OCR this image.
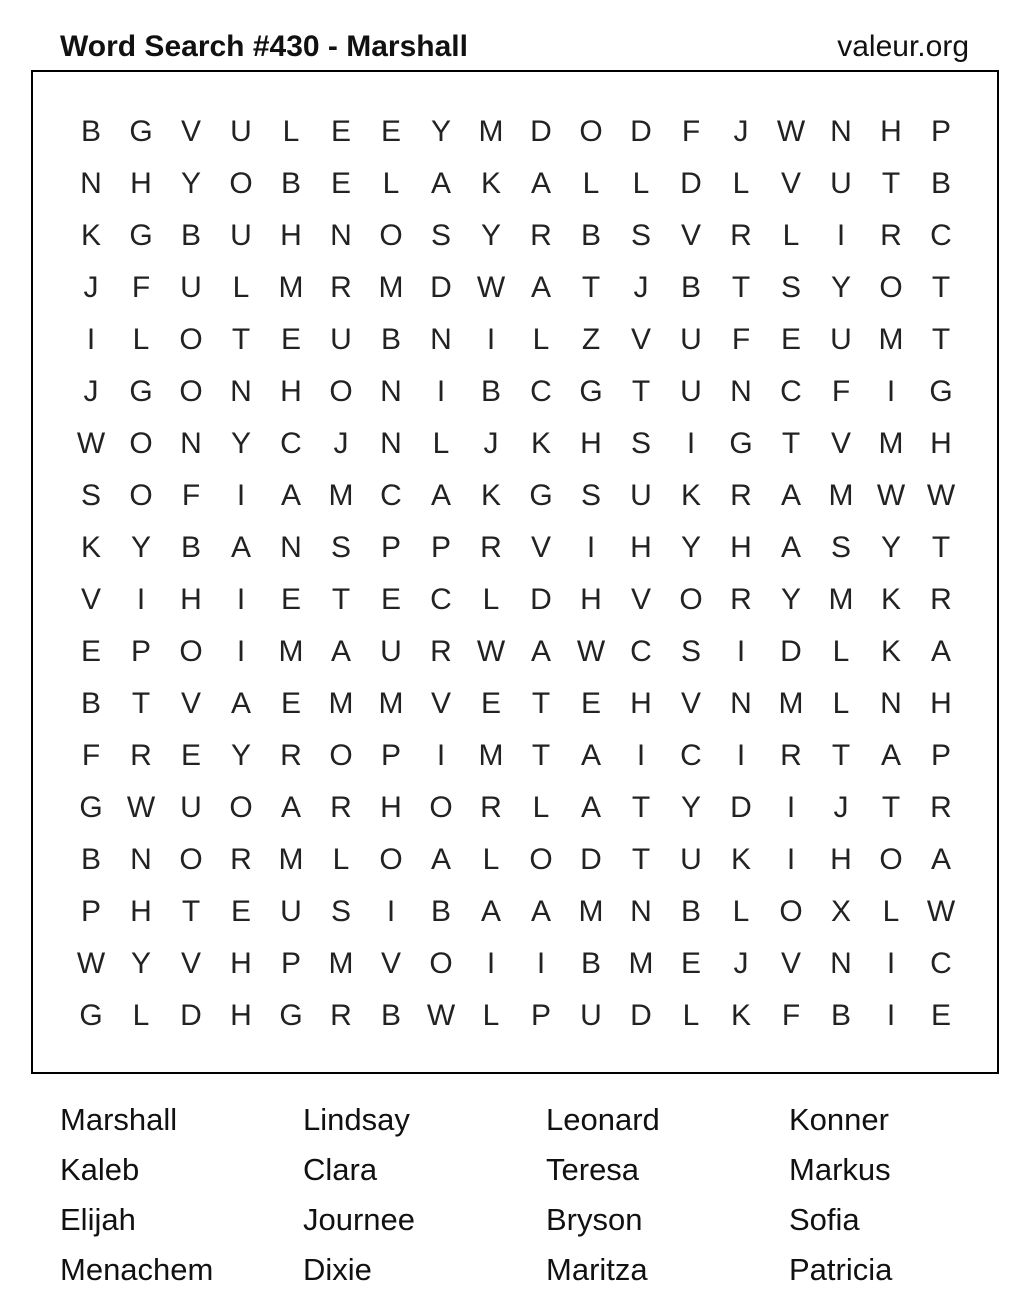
Word Search #430 - Marshall	valeur.org
B G V U	L	E E Y M D O D	F	J W N H P
N H Y O B E	L	A K A	L	L	D	L	V U	T	B
K G B U H N O S Y R B S V R	L	I	R C
J	F	U	L M R M D W A	T	J	B	T	S Y O T
I	L O T	E U B N	I	L	Z	V U	F	E U M T
J	G O N H O N	I	B C G T	U N C	F	I	G
W O N Y C	J	N	L	J	K H S	I	G T	V M H
S O F	I	A M C A K G S U K R A M W W
K Y B A N S P P R V	I	H Y H A S Y	T
V	I	H	I	E	T	E C	L	D H V O R Y M K R
E P O	I	M A U R W A W C S	I	D	L	K A
B	T	V A E M M V E	T	E H V N M L	N H
F	R E Y R O P	I	M T	A	I	C	I	R	T	A P
G W U O A R H O R	L	A	T	Y D	I	J	T	R
B N O R M L O A	L O D	T	U K	I	H O A
P H	T	E U S	I	B A A M N B	L O X	L W
W Y V H P M V O	I	I	B M E	J	V N	I	C
G L	D H G R B W L	P U D	L	K	F	B	I	E
Marshall	Lindsay	Leonard	Konner
Kaleb	Clara	Teresa	Markus
Elijah	Journee	Bryson	Sofia
Menachem	Dixie	Maritza	Patricia
